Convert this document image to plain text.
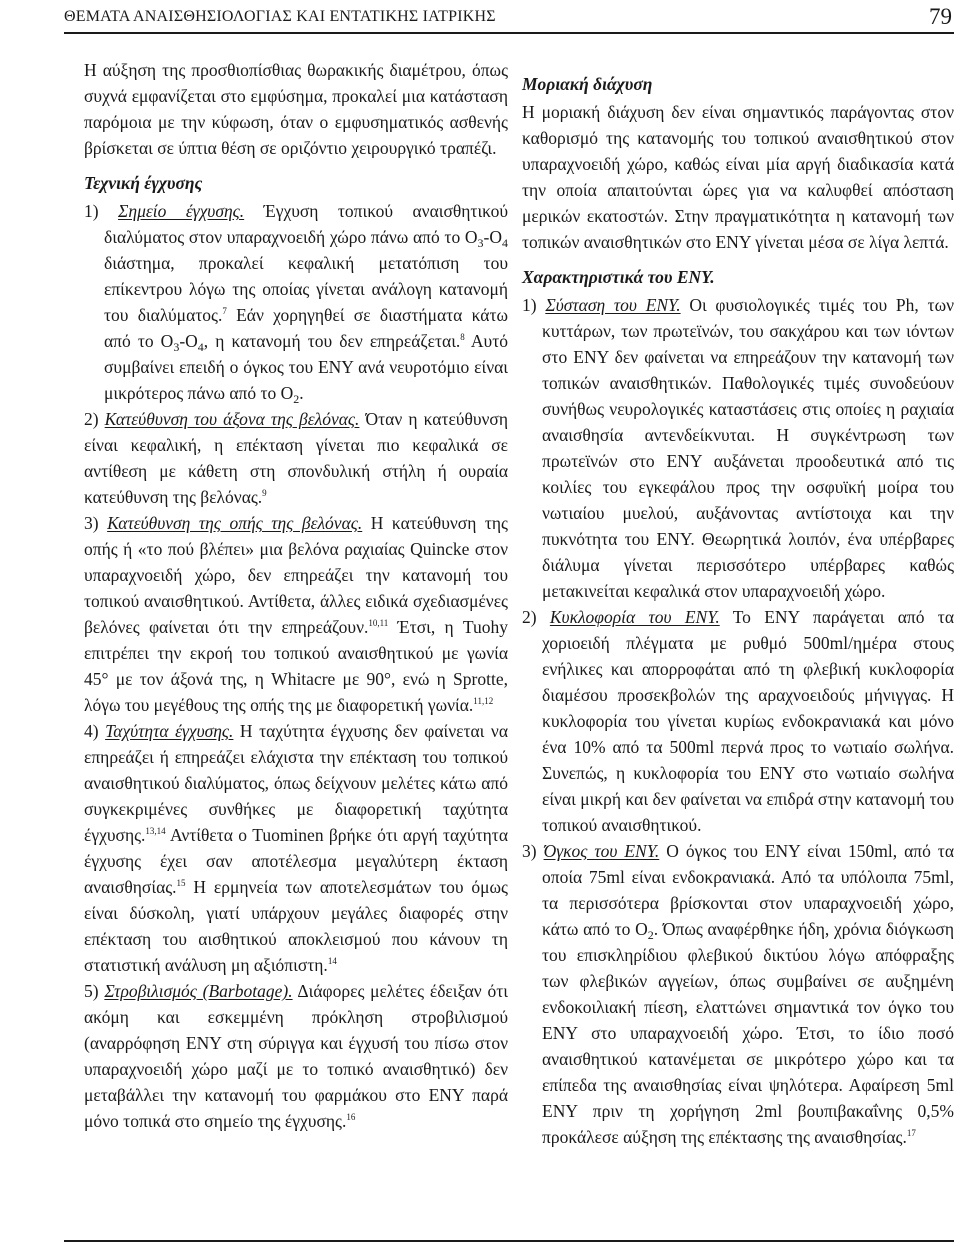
ΘΕΜΑΤΑ ΑΝΑΙΣΘΗΣΙΟΛΟΓΙΑΣ ΚΑΙ ΕΝΤΑΤΙΚΗΣ ΙΑΤΡΙΚΗΣ	79

Η αύξηση της προσθιοπίσθιας θωρακικής διαμέτρου, όπως συχνά εμφανίζεται στο εμφύσημα, προκαλεί μια κατάσταση παρόμοια με την κύφωση, όταν ο εμφυσηματικός ασθενής βρίσκεται σε ύπτια θέση σε οριζόντιο χειρουργικό τραπέζι.

Τεχνική έγχυσης

1) Σημείο έγχυσης. Έγχυση τοπικού αναισθητικού διαλύματος στον υπαραχνοειδή χώρο πάνω από το $O_3-O_4$ διάστημα, προκαλεί κεφαλική μετατόπιση του επίκεντρου λόγω της οποίας γίνεται ανάλογη κατανομή του διαλύματος.$^7$ Εάν χορηγηθεί σε διαστήματα κάτω από το $O_3-O_4$, η κατανομή του δεν επηρεάζεται.$^8$ Αυτό συμβαίνει επειδή ο όγκος του ΕΝΥ ανά νευροτόμιο είναι μικρότερος πάνω από το $O_2$.

2) Κατεύθυνση του άξονα της βελόνας. Όταν η κατεύθυνση είναι κεφαλική, η επέκταση γίνεται πιο κεφαλικά σε αντίθεση με κάθετη στη σπονδυλική στήλη ή ουραία κατεύθυνση της βελόνας.$^9$

3) Κατεύθυνση της οπής της βελόνας. Η κατεύθυνση της οπής ή «το πού βλέπει» μια βελόνα ραχιαίας Quincke στον υπαραχνοειδή χώρο, δεν επηρεάζει την κατανομή του τοπικού αναισθητικού. Αντίθετα, άλλες ειδικά σχεδιασμένες βελόνες φαίνεται ότι την επηρεάζουν.$^{10,11}$ Έτσι, η Tuohy επιτρέπει την εκροή του τοπικού αναισθητικού με γωνία 45° με τον άξονά της, η Whitacre με 90°, ενώ η Sprotte, λόγω του μεγέθους της οπής της με διαφορετική γωνία.$^{11,12}$

4) Ταχύτητα έγχυσης. Η ταχύτητα έγχυσης δεν φαίνεται να επηρεάζει ή επηρεάζει ελάχιστα την επέκταση του τοπικού αναισθητικού διαλύματος, όπως δείχνουν μελέτες κάτω από συγκεκριμένες συνθήκες με διαφορετική ταχύτητα έγχυσης.$^{13,14}$ Αντίθετα ο Tuominen βρήκε ότι αργή ταχύτητα έγχυσης έχει σαν αποτέλεσμα μεγαλύτερη έκταση αναισθησίας.$^{15}$ Η ερμηνεία των αποτελεσμάτων του όμως είναι δύσκολη, γιατί υπάρχουν μεγάλες διαφορές στην επέκταση του αισθητικού αποκλεισμού που κάνουν τη στατιστική ανάλυση μη αξιόπιστη.$^{14}$

5) Στροβιλισμός (Barbotage). Διάφορες μελέτες έδειξαν ότι ακόμη και εσκεμμένη πρόκληση στροβιλισμού (αναρρόφηση ΕΝΥ στη σύριγγα και έγχυσή του πίσω στον υπαραχνοειδή χώρο μαζί με το τοπικό αναισθητικό) δεν μεταβάλλει την κατανομή του φαρμάκου στο ΕΝΥ παρά μόνο τοπικά στο σημείο της έγχυσης.$^{16}$

Μοριακή διάχυση

Η μοριακή διάχυση δεν είναι σημαντικός παράγοντας στον καθορισμό της κατανομής του τοπικού αναισθητικού στον υπαραχνοειδή χώρο, καθώς είναι μία αργή διαδικασία κατά την οποία απαιτούνται ώρες για να καλυφθεί απόσταση μερικών εκατοστών. Στην πραγματικότητα η κατανομή των τοπικών αναισθητικών στο ΕΝΥ γίνεται μέσα σε λίγα λεπτά.

Χαρακτηριστικά του ΕΝΥ.

1) Σύσταση του ΕΝΥ. Οι φυσιολογικές τιμές του Ph, των κυττάρων, των πρωτεϊνών, του σακχάρου και των ιόντων στο ΕΝΥ δεν φαίνεται να επηρεάζουν την κατανομή των τοπικών αναισθητικών. Παθολογικές τιμές συνοδεύουν συνήθως νευρολογικές καταστάσεις στις οποίες η ραχιαία αναισθησία αντενδείκνυται. Η συγκέντρωση των πρωτεϊνών στο ΕΝΥ αυξάνεται προοδευτικά από τις κοιλίες του εγκεφάλου προς την οσφυϊκή μοίρα του νωτιαίου μυελού, αυξάνοντας αντίστοιχα και την πυκνότητα του ΕΝΥ. Θεωρητικά λοιπόν, ένα υπέρβαρες διάλυμα γίνεται περισσότερο υπέρβαρες καθώς μετακινείται κεφαλικά στον υπαραχνοειδή χώρο.

2) Κυκλοφορία του ΕΝΥ. Το ΕΝΥ παράγεται από τα χοριοειδή πλέγματα με ρυθμό 500ml/ημέρα στους ενήλικες και απορροφάται από τη φλεβική κυκλοφορία διαμέσου προσεκβολών της αραχνοειδούς μήνιγγας. Η κυκλοφορία του γίνεται κυρίως ενδοκρανιακά και μόνο ένα 10% από τα 500ml περνά προς το νωτιαίο σωλήνα. Συνεπώς, η κυκλοφορία του ΕΝΥ στο νωτιαίο σωλήνα είναι μικρή και δεν φαίνεται να επιδρά στην κατανομή του τοπικού αναισθητικού.

3) Όγκος του ΕΝΥ. Ο όγκος του ΕΝΥ είναι 150ml, από τα οποία 75ml είναι ενδοκρανιακά. Από τα υπόλοιπα 75ml, τα περισσότερα βρίσκονται στον υπαραχνοειδή χώρο, κάτω από το $O_2$. Όπως αναφέρθηκε ήδη, χρόνια διόγκωση του επισκληρίδιου φλεβικού δικτύου λόγω απόφραξης των φλεβικών αγγείων, όπως συμβαίνει σε αυξημένη ενδοκοιλιακή πίεση, ελαττώνει σημαντικά τον όγκο του ΕΝΥ στο υπαραχνοειδή χώρο. Έτσι, το ίδιο ποσό αναισθητικού κατανέμεται σε μικρότερο χώρο και τα επίπεδα της αναισθησίας είναι ψηλότερα. Αφαίρεση 5ml ΕΝΥ πριν τη χορήγηση 2ml βουπιβακαΐνης 0,5% προκάλεσε αύξηση της επέκτασης της αναισθησίας.$^{17}$
